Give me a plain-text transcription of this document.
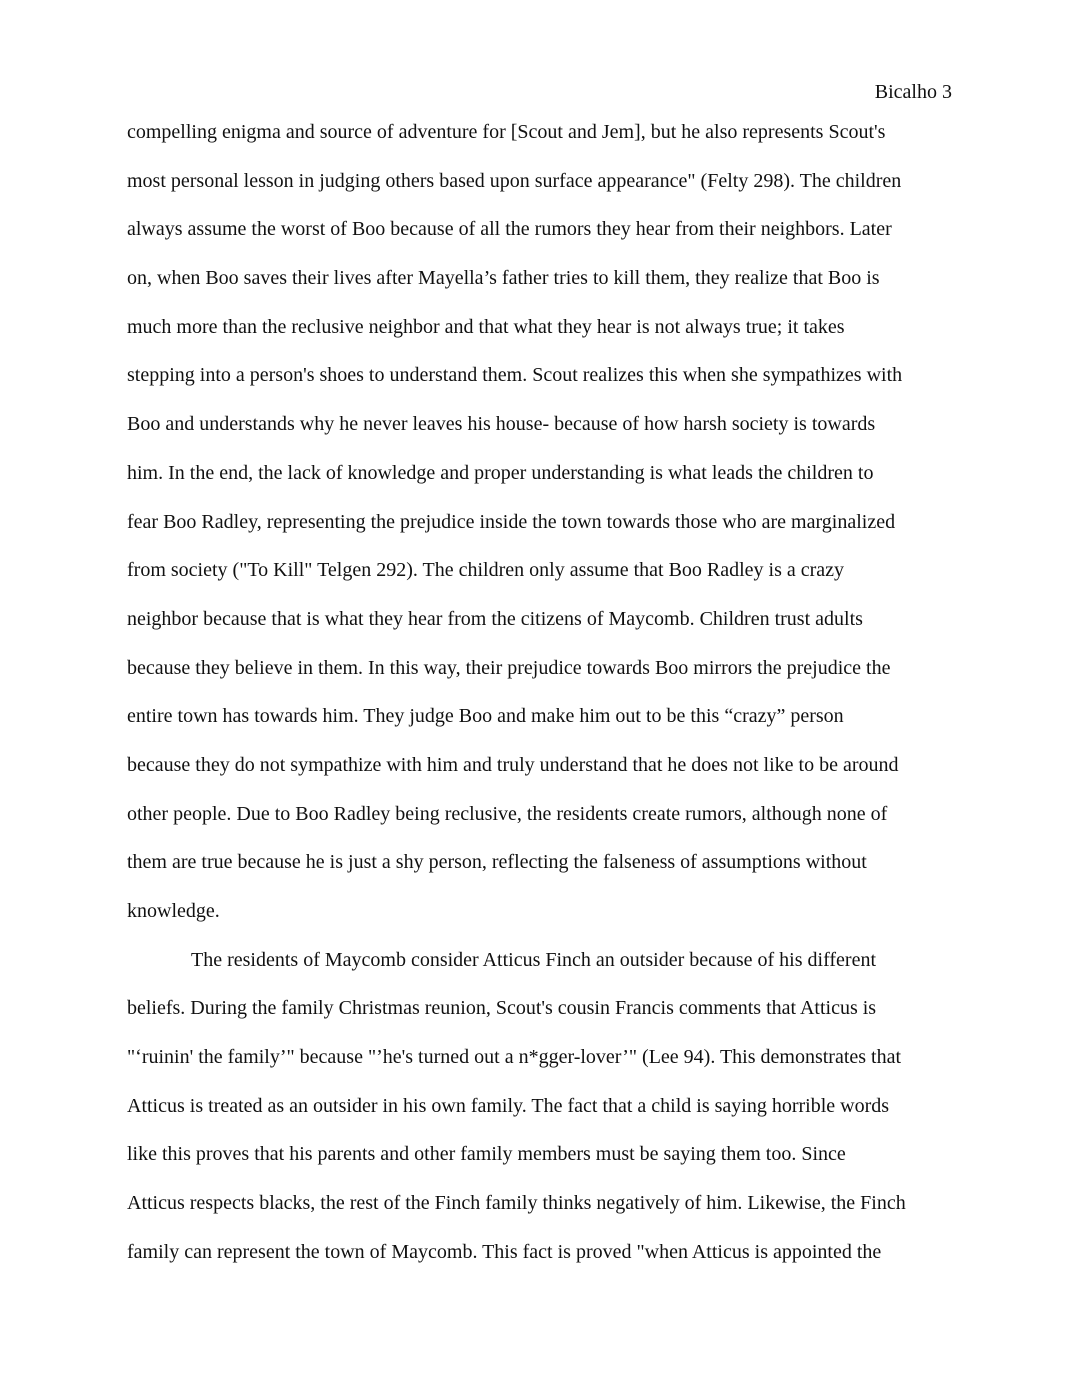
Bicalho 3
compelling enigma and source of adventure for [Scout and Jem], but he also represents Scout's
most personal lesson in judging others based upon surface appearance" (Felty 298). The children
always assume the worst of Boo because of all the rumors they hear from their neighbors. Later
on, when Boo saves their lives after Mayella’s father tries to kill them, they realize that Boo is
much more than the reclusive neighbor and that what they hear is not always true; it takes
stepping into a person's shoes to understand them. Scout realizes this when she sympathizes with
Boo and understands why he never leaves his house- because of how harsh society is towards
him. In the end, the lack of knowledge and proper understanding is what leads the children to
fear Boo Radley, representing the prejudice inside the town towards those who are marginalized
from society ("To Kill" Telgen 292). The children only assume that Boo Radley is a crazy
neighbor because that is what they hear from the citizens of Maycomb. Children trust adults
because they believe in them. In this way, their prejudice towards Boo mirrors the prejudice the
entire town has towards him. They judge Boo and make him out to be this “crazy” person
because they do not sympathize with him and truly understand that he does not like to be around
other people. Due to Boo Radley being reclusive, the residents create rumors, although none of
them are true because he is just a shy person, reflecting the falseness of assumptions without
knowledge.
The residents of Maycomb consider Atticus Finch an outsider because of his different
beliefs. During the family Christmas reunion, Scout's cousin Francis comments that Atticus is
"‘ruinin' the family’" because "’he's turned out a n*gger-lover’" (Lee 94). This demonstrates that
Atticus is treated as an outsider in his own family. The fact that a child is saying horrible words
like this proves that his parents and other family members must be saying them too. Since
Atticus respects blacks, the rest of the Finch family thinks negatively of him. Likewise, the Finch
family can represent the town of Maycomb. This fact is proved "when Atticus is appointed the
